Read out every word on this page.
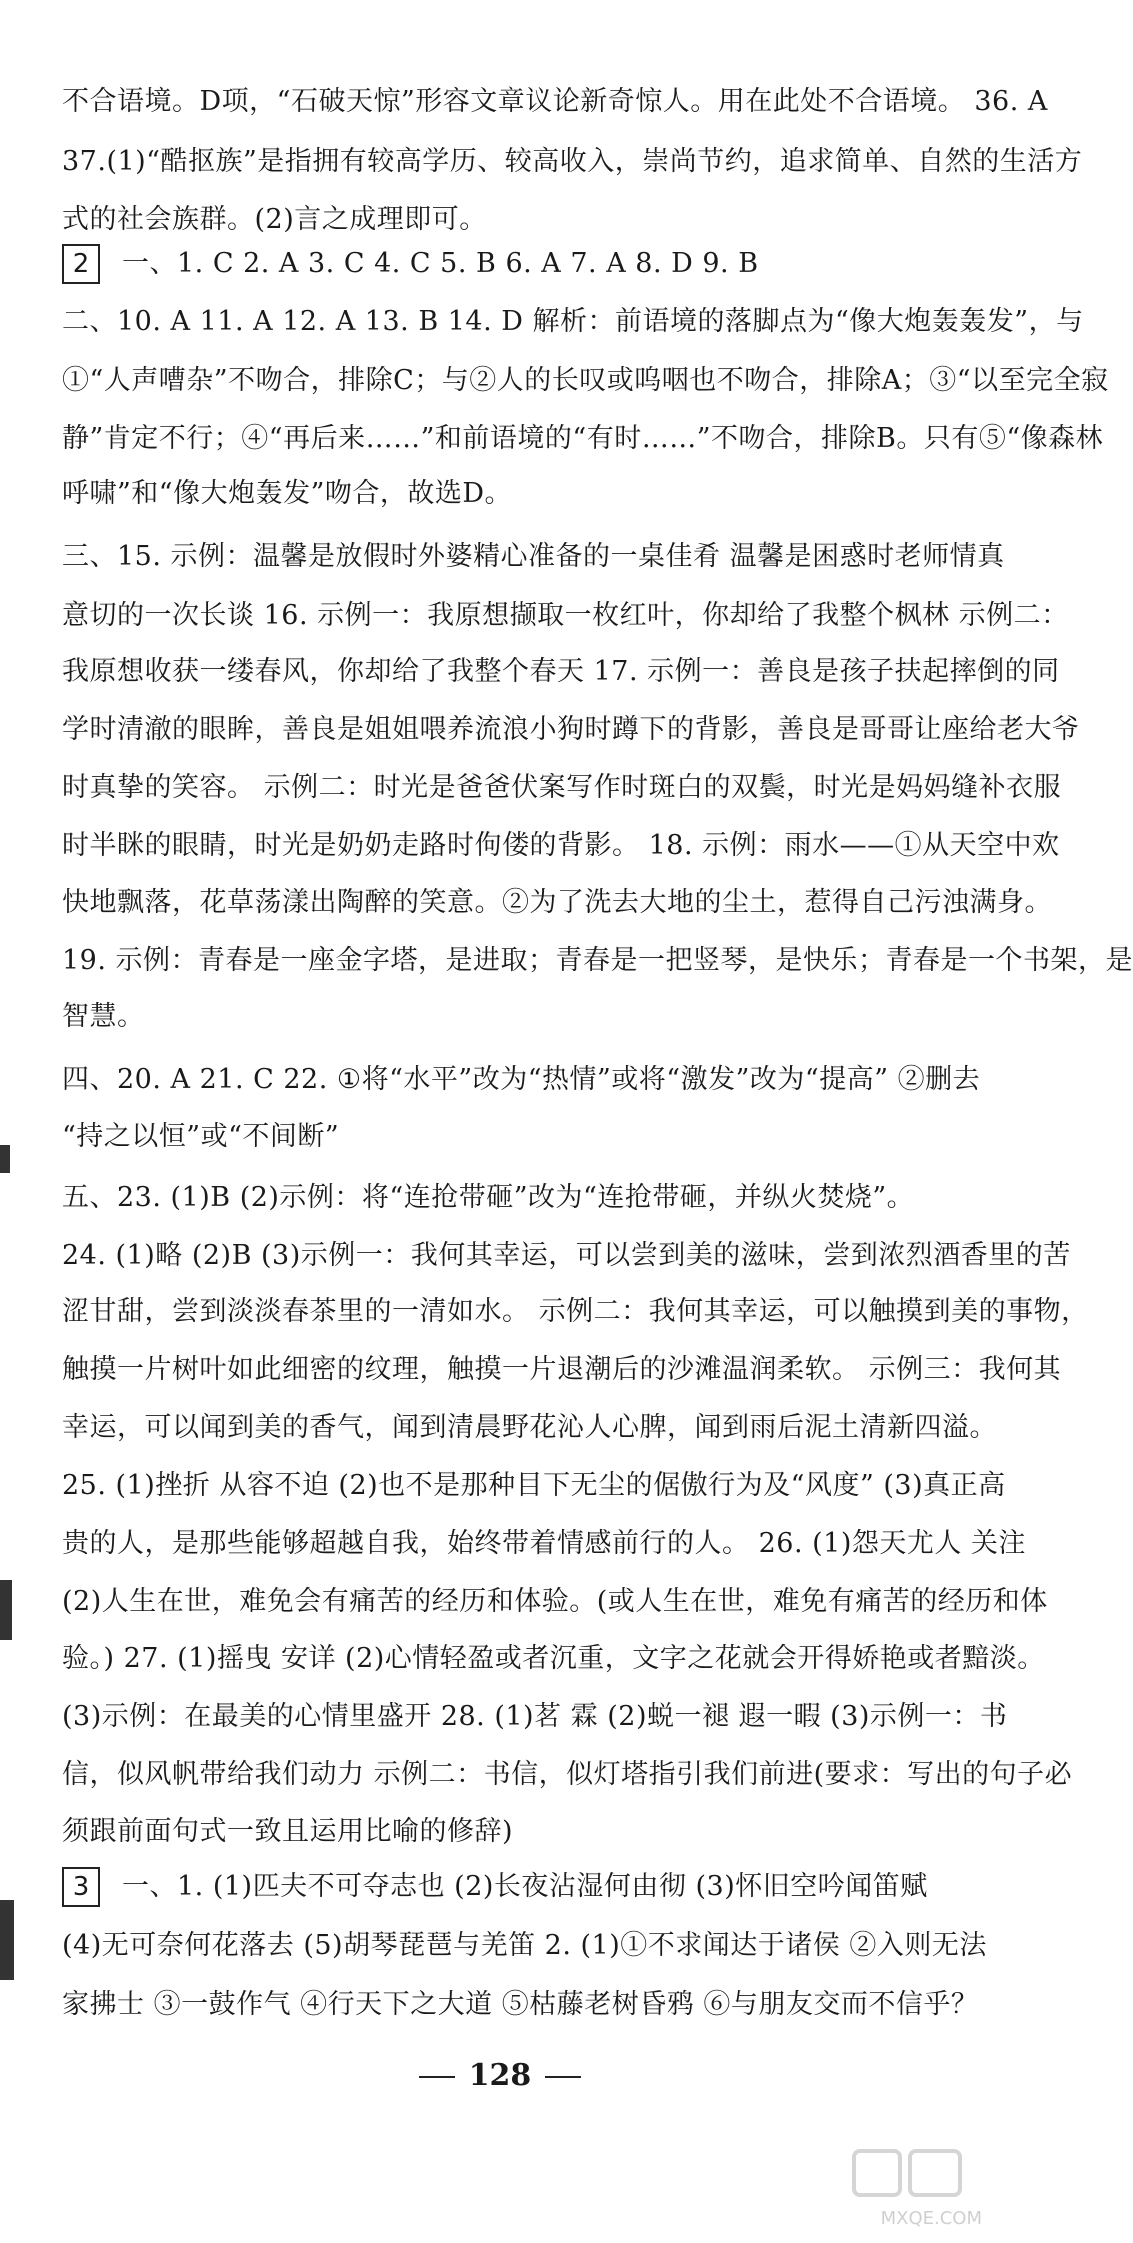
不合语境。D项，“石破天惊”形容文章议论新奇惊人。用在此处不合语境。 36. A
37.(1)“酷抠族”是指拥有较高学历、较高收入，崇尚节约，追求简单、自然的生活方
式的社会族群。(2)言之成理即可。
2	一、1. C 2. A 3. C 4. C 5. B 6. A 7. A 8. D 9. B
二、10. A 11. A 12. A 13. B 14. D 解析：前语境的落脚点为“像大炮轰轰发”，与
①“人声嘈杂”不吻合，排除C；与②人的长叹或呜咽也不吻合，排除A；③“以至完全寂
静”肯定不行；④“再后来……”和前语境的“有时……”不吻合，排除B。只有⑤“像森林
呼啸”和“像大炮轰发”吻合，故选D。
三、15. 示例：温馨是放假时外婆精心准备的一桌佳肴 温馨是困惑时老师情真
意切的一次长谈 16. 示例一：我原想撷取一枚红叶，你却给了我整个枫林 示例二：
我原想收获一缕春风，你却给了我整个春天 17. 示例一：善良是孩子扶起摔倒的同
学时清澈的眼眸，善良是姐姐喂养流浪小狗时蹲下的背影，善良是哥哥让座给老大爷
时真挚的笑容。 示例二：时光是爸爸伏案写作时斑白的双鬓，时光是妈妈缝补衣服
时半眯的眼睛，时光是奶奶走路时佝偻的背影。 18. 示例：雨水——①从天空中欢
快地飘落，花草荡漾出陶醉的笑意。②为了洗去大地的尘土，惹得自己污浊满身。
19. 示例：青春是一座金字塔，是进取；青春是一把竖琴，是快乐；青春是一个书架，是
智慧。
四、20. A 21. C 22. ①将“水平”改为“热情”或将“激发”改为“提高” ②删去
“持之以恒”或“不间断”
五、23. (1)B (2)示例：将“连抢带砸”改为“连抢带砸，并纵火焚烧”。
24. (1)略 (2)B (3)示例一：我何其幸运，可以尝到美的滋味，尝到浓烈酒香里的苦
涩甘甜，尝到淡淡春茶里的一清如水。 示例二：我何其幸运，可以触摸到美的事物，
触摸一片树叶如此细密的纹理，触摸一片退潮后的沙滩温润柔软。 示例三：我何其
幸运，可以闻到美的香气，闻到清晨野花沁人心脾，闻到雨后泥土清新四溢。
25. (1)挫折 从容不迫 (2)也不是那种目下无尘的倨傲行为及“风度” (3)真正高
贵的人，是那些能够超越自我，始终带着情感前行的人。 26. (1)怨天尤人 关注
(2)人生在世，难免会有痛苦的经历和体验。(或人生在世，难免有痛苦的经历和体
验。) 27. (1)摇曳 安详 (2)心情轻盈或者沉重，文字之花就会开得娇艳或者黯淡。
(3)示例：在最美的心情里盛开 28. (1)茗 霖 (2)蜕一褪 遐一暇 (3)示例一：书
信，似风帆带给我们动力 示例二：书信，似灯塔指引我们前进(要求：写出的句子必
须跟前面句式一致且运用比喻的修辞)
3	一、1. (1)匹夫不可夺志也 (2)长夜沾湿何由彻 (3)怀旧空吟闻笛赋
(4)无可奈何花落去 (5)胡琴琵琶与羌笛 2. (1)①不求闻达于诸侯 ②入则无法
家拂士 ③一鼓作气 ④行天下之大道 ⑤枯藤老树昏鸦 ⑥与朋友交而不信乎？
128
MXQE.COM
